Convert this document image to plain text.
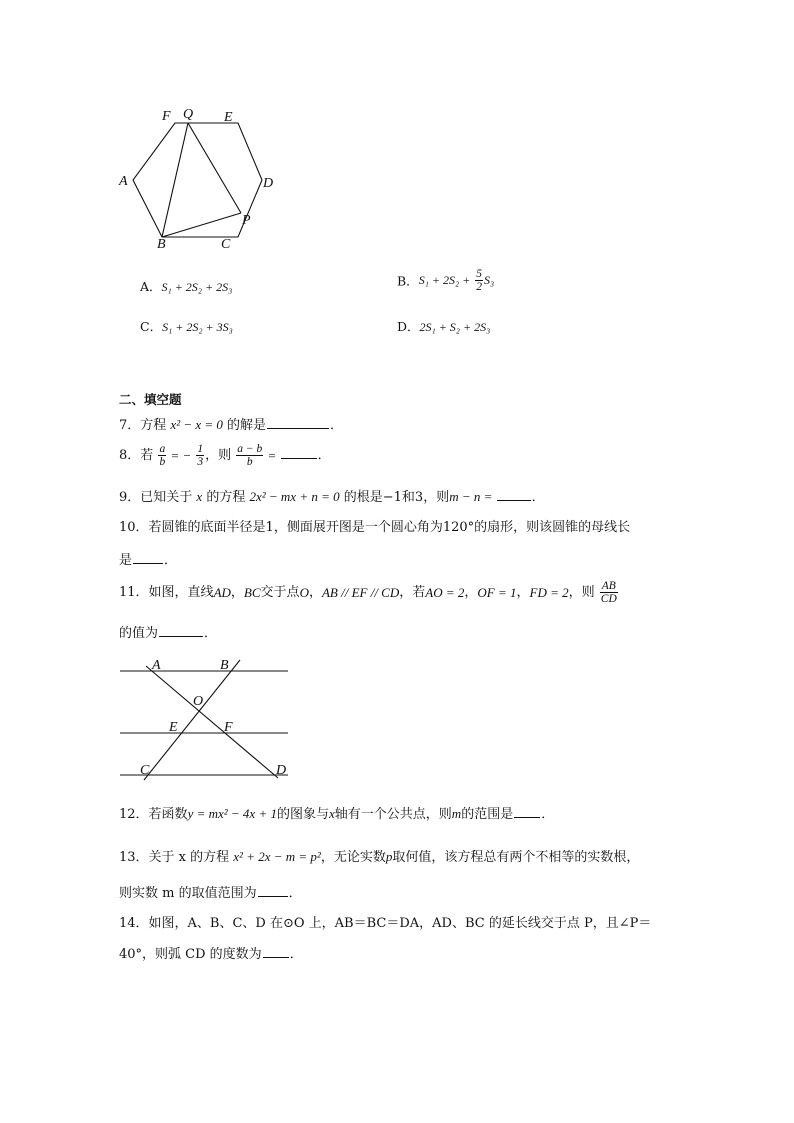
F Q E
A	D
P
B	C
A．S₁ + 2S₂ + 2S₃	B．$S_1 + 2S_2 + \frac{5}{2} S_3$
C．S₁ + 2S₂ + 3S₃	D．2S₁ + S₂ + 2S₃
二、填空题
7．方程 x² − x = 0 的解是	．
8．若 $\frac{a}{b}$ = − $\frac{1}{3}$ ，则 $\frac{a - b}{b}$ =	．
9．已知关于 x 的方程 2x² − mx + n = 0 的根是−1和3，则m − n =	．
10．若圆锥的底面半径是1，侧面展开图是一个圆心角为120°的扇形，则该圆锥的母线长
是 ．
11．如图，直线AD，BC交于点O，AB // EF // CD，若AO = 2，OF = 1，FD = 2，则 $\frac{AB}{CD}$
的值为	．
A	B
O
E	F
C	D
12．若函数y = mx² − 4x + 1的图象与x轴有一个公共点，则m的范围是 ．
13．关于 x 的方程 x² + 2x − m = p²，无论实数p取何值，该方程总有两个不相等的实数根，
则实数 m 的取值范围为 ．
14．如图，A、B、C、D 在⊙O 上，AB＝BC＝DA，AD、BC 的延长线交于点 P，且∠P＝
40°，则弧 CD 的度数为 ．
